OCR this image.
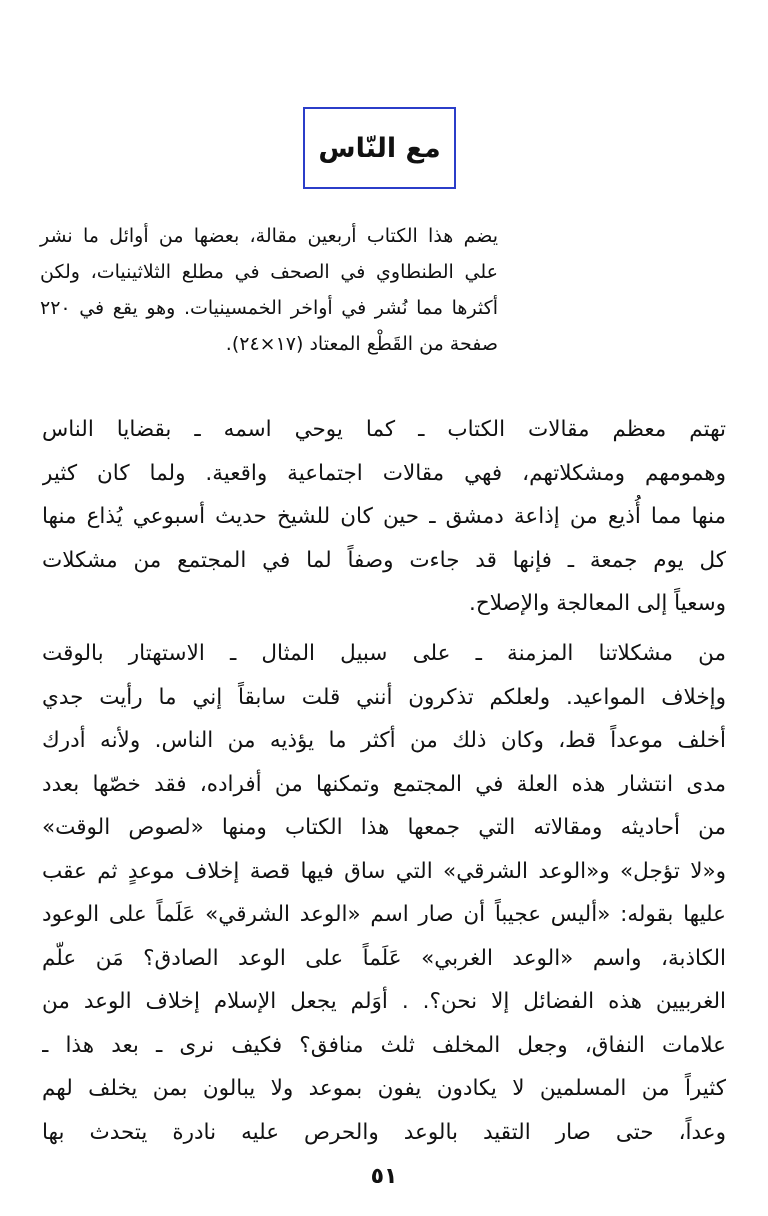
مع النّاس
يضم هذا الكتاب أربعين مقالة، بعضها من أوائل ما نشر
علي الطنطاوي في الصحف في مطلع الثلاثينيات، ولكن
أكثرها مما نُشر في أواخر الخمسينيات. وهو يقع في ٢٢٠
صفحة من القَطْع المعتاد (١٧×٢٤).
تهتم معظم مقالات الكتاب ـ كما يوحي اسمه ـ بقضايا الناس
وهمومهم ومشكلاتهم، فهي مقالات اجتماعية واقعية. ولما كان كثير
منها مما أُذيع من إذاعة دمشق ـ حين كان للشيخ حديث أسبوعي يُذاع منها
كل يوم جمعة ـ فإنها قد جاءت وصفاً لما في المجتمع من مشكلات
وسعياً إلى المعالجة والإصلاح.
من مشكلاتنا المزمنة ـ على سبيل المثال ـ الاستهتار بالوقت
وإخلاف المواعيد. ولعلكم تذكرون أنني قلت سابقاً إني ما رأيت جدي
أخلف موعداً قط، وكان ذلك من أكثر ما يؤذيه من الناس. ولأنه أدرك
مدى انتشار هذه العلة في المجتمع وتمكنها من أفراده، فقد خصّها بعدد
من أحاديثه ومقالاته التي جمعها هذا الكتاب ومنها «لصوص الوقت»
و«لا تؤجل» و«الوعد الشرقي» التي ساق فيها قصة إخلاف موعدٍ ثم عقب
عليها بقوله: «أليس عجيباً أن صار اسم «الوعد الشرقي» عَلَماً على الوعود
الكاذبة، واسم «الوعد الغربي» عَلَماً على الوعد الصادق؟ مَن علّم
الغربيين هذه الفضائل إلا نحن؟. . أوَلم يجعل الإسلام إخلاف الوعد من
علامات النفاق، وجعل المخلف ثلث منافق؟ فكيف نرى ـ بعد هذا ـ
كثيراً من المسلمين لا يكادون يفون بموعد ولا يبالون بمن يخلف لهم
وعداً، حتى صار التقيد بالوعد والحرص عليه نادرة يتحدث بها
٥١
